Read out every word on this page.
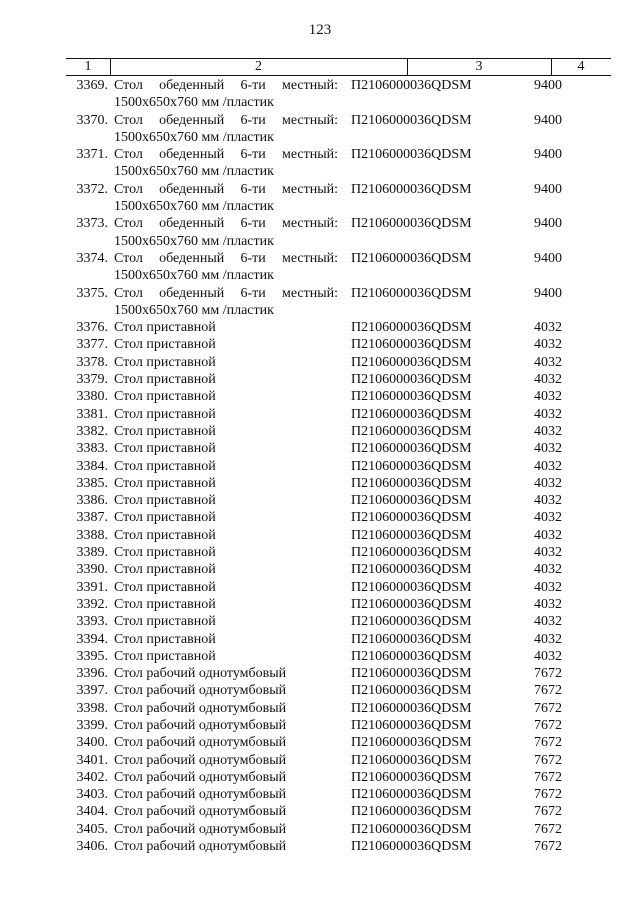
123
1	2	3	4
3369. Стол обеденный 6-ти местный:
1500x650x760 мм /пластик
П2106000036QDSM	9400
3370. Стол обеденный 6-ти местный:
1500x650x760 мм /пластик
П2106000036QDSM	9400
3371. Стол обеденный 6-ти местный:
1500x650x760 мм /пластик
П2106000036QDSM	9400
3372. Стол обеденный 6-ти местный:
1500x650x760 мм /пластик
П2106000036QDSM	9400
3373. Стол обеденный 6-ти местный:
1500x650x760 мм /пластик
П2106000036QDSM	9400
3374. Стол обеденный 6-ти местный:
1500x650x760 мм /пластик
П2106000036QDSM	9400
3375. Стол обеденный 6-ти местный:
1500x650x760 мм /пластик
П2106000036QDSM	9400
3376. Стол приставной	П2106000036QDSM	4032
3377. Стол приставной	П2106000036QDSM	4032
3378. Стол приставной	П2106000036QDSM	4032
3379. Стол приставной	П2106000036QDSM	4032
3380. Стол приставной	П2106000036QDSM	4032
3381. Стол приставной	П2106000036QDSM	4032
3382. Стол приставной	П2106000036QDSM	4032
3383. Стол приставной	П2106000036QDSM	4032
3384. Стол приставной	П2106000036QDSM	4032
3385. Стол приставной	П2106000036QDSM	4032
3386. Стол приставной	П2106000036QDSM	4032
3387. Стол приставной	П2106000036QDSM	4032
3388. Стол приставной	П2106000036QDSM	4032
3389. Стол приставной	П2106000036QDSM	4032
3390. Стол приставной	П2106000036QDSM	4032
3391. Стол приставной	П2106000036QDSM	4032
3392. Стол приставной	П2106000036QDSM	4032
3393. Стол приставной	П2106000036QDSM	4032
3394. Стол приставной	П2106000036QDSM	4032
3395. Стол приставной	П2106000036QDSM	4032
3396. Стол рабочий однотумбовый	П2106000036QDSM	7672
3397. Стол рабочий однотумбовый	П2106000036QDSM	7672
3398. Стол рабочий однотумбовый	П2106000036QDSM	7672
3399. Стол рабочий однотумбовый	П2106000036QDSM	7672
3400. Стол рабочий однотумбовый	П2106000036QDSM	7672
3401. Стол рабочий однотумбовый	П2106000036QDSM	7672
3402. Стол рабочий однотумбовый	П2106000036QDSM	7672
3403. Стол рабочий однотумбовый	П2106000036QDSM	7672
3404. Стол рабочий однотумбовый	П2106000036QDSM	7672
3405. Стол рабочий однотумбовый	П2106000036QDSM	7672
3406. Стол рабочий однотумбовый	П2106000036QDSM	7672
